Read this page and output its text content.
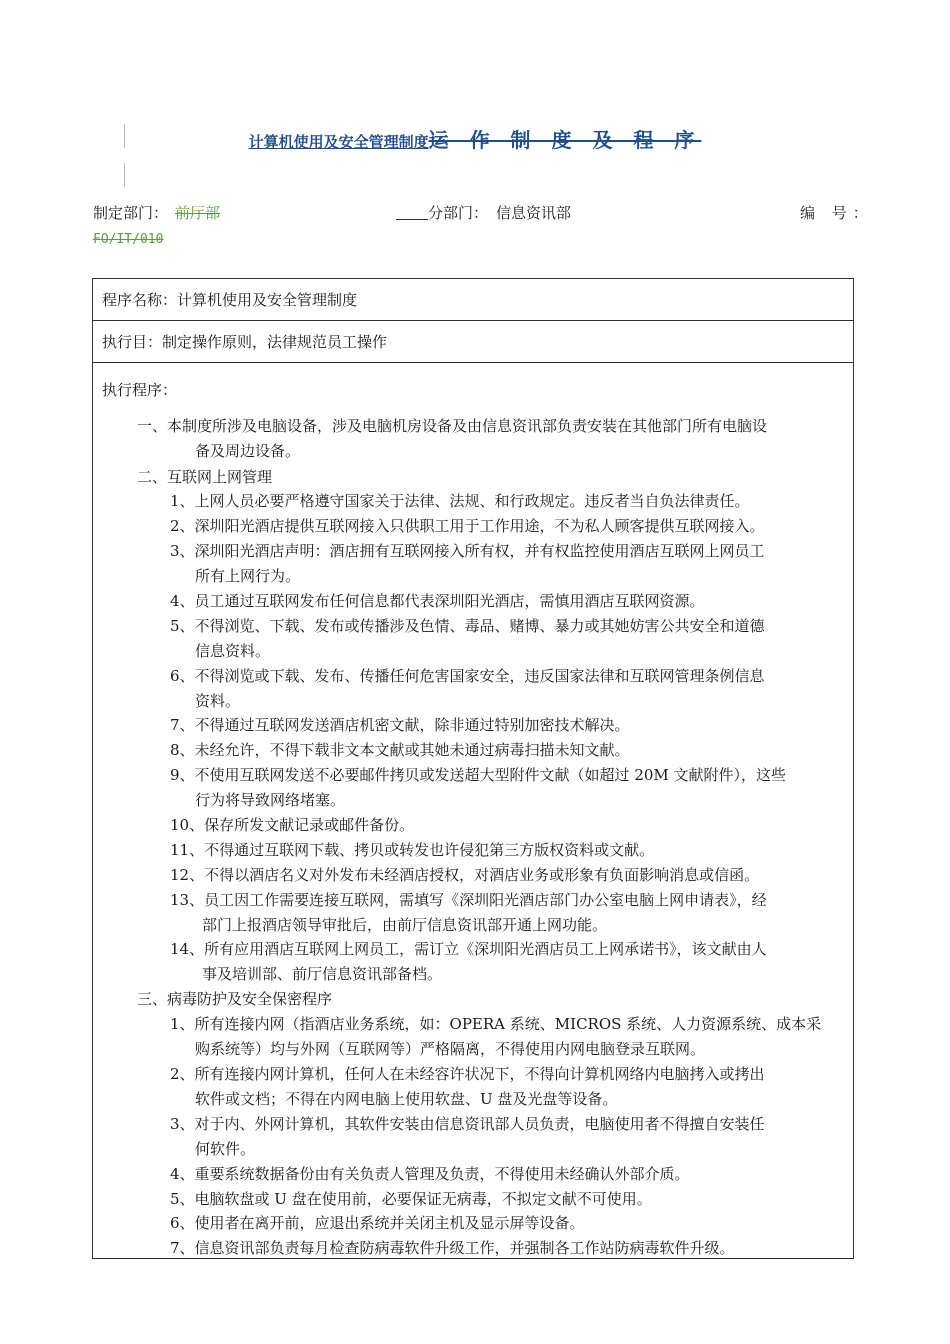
计算机使用及安全管理制度运 作 制 度 及 程 序
制定部门： 前厅部	分部门： 信息资讯部	编 号：
FO/IT/010
程序名称：计算机使用及安全管理制度
执行目：制定操作原则，法律规范员工操作
执行程序：
一、本制度所涉及电脑设备，涉及电脑机房设备及由信息资讯部负责安装在其他部门所有电脑设
备及周边设备。
二、互联网上网管理
1、上网人员必要严格遵守国家关于法律、法规、和行政规定。违反者当自负法律责任。
2、深圳阳光酒店提供互联网接入只供职工用于工作用途，不为私人顾客提供互联网接入。
3、深圳阳光酒店声明：酒店拥有互联网接入所有权，并有权监控使用酒店互联网上网员工
所有上网行为。
4、员工通过互联网发布任何信息都代表深圳阳光酒店，需慎用酒店互联网资源。
5、不得浏览、下载、发布或传播涉及色情、毒品、赌博、暴力或其她妨害公共安全和道德
信息资料。
6、不得浏览或下载、发布、传播任何危害国家安全，违反国家法律和互联网管理条例信息
资料。
7、不得通过互联网发送酒店机密文献，除非通过特别加密技术解决。
8、未经允许，不得下载非文本文献或其她未通过病毒扫描未知文献。
9、不使用互联网发送不必要邮件拷贝或发送超大型附件文献（如超过 20M 文献附件），这些
行为将导致网络堵塞。
10、保存所发文献记录或邮件备份。
11、不得通过互联网下载、拷贝或转发也许侵犯第三方版权资料或文献。
12、不得以酒店名义对外发布未经酒店授权，对酒店业务或形象有负面影响消息或信函。
13、员工因工作需要连接互联网，需填写《深圳阳光酒店部门办公室电脑上网申请表》，经
部门上报酒店领导审批后，由前厅信息资讯部开通上网功能。
14、所有应用酒店互联网上网员工，需订立《深圳阳光酒店员工上网承诺书》，该文献由人
事及培训部、前厅信息资讯部备档。
三、病毒防护及安全保密程序
1、所有连接内网（指酒店业务系统，如：OPERA 系统、MICROS 系统、人力资源系统、成本采
购系统等）均与外网（互联网等）严格隔离，不得使用内网电脑登录互联网。
2、所有连接内网计算机，任何人在未经容许状况下，不得向计算机网络内电脑拷入或拷出
软件或文档；不得在内网电脑上使用软盘、U 盘及光盘等设备。
3、对于内、外网计算机，其软件安装由信息资讯部人员负责，电脑使用者不得擅自安装任
何软件。
4、重要系统数据备份由有关负责人管理及负责，不得使用未经确认外部介质。
5、电脑软盘或 U 盘在使用前，必要保证无病毒，不拟定文献不可使用。
6、使用者在离开前，应退出系统并关闭主机及显示屏等设备。
7、信息资讯部负责每月检查防病毒软件升级工作，并强制各工作站防病毒软件升级。
